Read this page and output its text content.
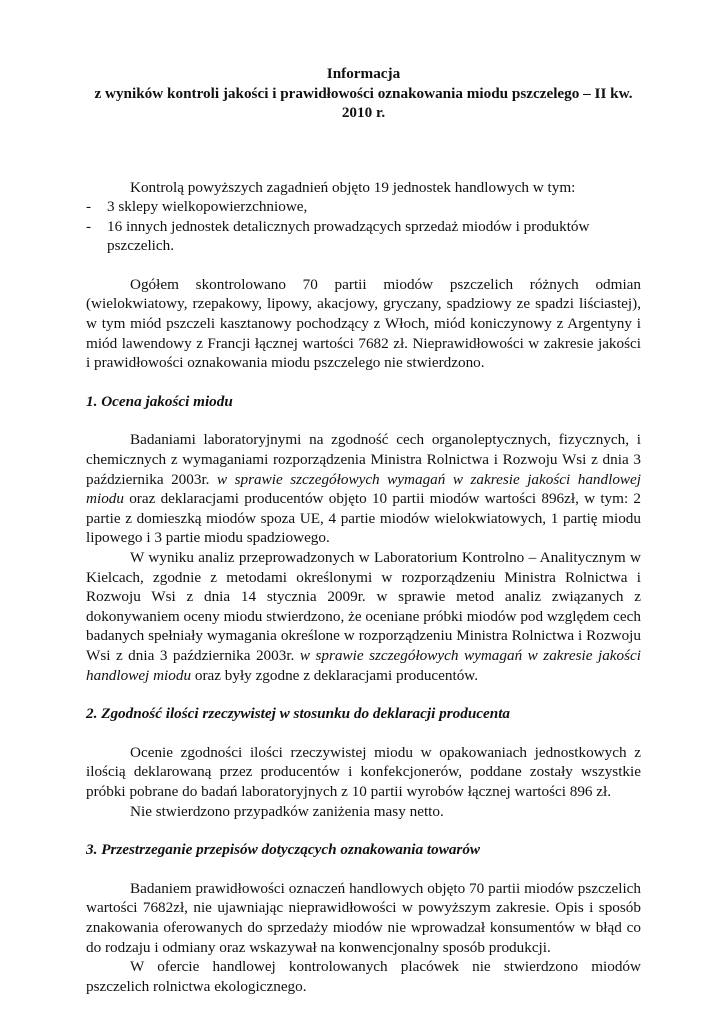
Informacja
z wyników kontroli jakości i prawidłowości oznakowania miodu pszczelego – II kw.
2010 r.

Kontrolą powyższych zagadnień objęto 19 jednostek handlowych w tym:

- 3 sklepy wielkopowierzchniowe,
- 16 innych jednostek detalicznych prowadzących sprzedaż miodów i produktów pszczelich.

Ogółem skontrolowano 70 partii miodów pszczelich różnych odmian (wielokwiatowy, rzepakowy, lipowy, akacjowy, gryczany, spadziowy ze spadzi liściastej), w tym miód pszczeli kasztanowy pochodzący z Włoch, miód koniczynowy z Argentyny i miód lawendowy z Francji łącznej wartości 7682 zł. Nieprawidłowości w zakresie jakości i prawidłowości oznakowania miodu pszczelego nie stwierdzono.

1. Ocena jakości miodu

Badaniami laboratoryjnymi na zgodność cech organoleptycznych, fizycznych, i chemicznych z wymaganiami rozporządzenia Ministra Rolnictwa i Rozwoju Wsi z dnia 3 października 2003r. w sprawie szczegółowych wymagań w zakresie jakości handlowej miodu oraz deklaracjami producentów objęto 10 partii miodów wartości 896zł, w tym: 2 partie z domieszką miodów spoza UE, 4 partie miodów wielokwiatowych, 1 partię miodu lipowego i 3 partie miodu spadziowego.

W wyniku analiz przeprowadzonych w Laboratorium Kontrolno – Analitycznym w Kielcach, zgodnie z metodami określonymi w rozporządzeniu Ministra Rolnictwa i Rozwoju Wsi z dnia 14 stycznia 2009r. w sprawie metod analiz związanych z dokonywaniem oceny miodu stwierdzono, że oceniane próbki miodów pod względem cech badanych spełniały wymagania określone w rozporządzeniu Ministra Rolnictwa i Rozwoju Wsi z dnia 3 października 2003r. w sprawie szczegółowych wymagań w zakresie jakości handlowej miodu oraz były zgodne z deklaracjami producentów.

2. Zgodność ilości rzeczywistej w stosunku do deklaracji producenta

Ocenie zgodności ilości rzeczywistej miodu w opakowaniach jednostkowych z ilością deklarowaną przez producentów i konfekcjonerów, poddane zostały wszystkie próbki pobrane do badań laboratoryjnych z 10 partii wyrobów łącznej wartości 896 zł.

Nie stwierdzono przypadków zaniżenia masy netto.

3. Przestrzeganie przepisów dotyczących oznakowania towarów

Badaniem prawidłowości oznaczeń handlowych objęto 70 partii miodów pszczelich wartości 7682zł, nie ujawniając nieprawidłowości w powyższym zakresie. Opis i sposób znakowania oferowanych do sprzedaży miodów nie wprowadzał konsumentów w błąd co do rodzaju i odmiany oraz wskazywał na konwencjonalny sposób produkcji.

W ofercie handlowej kontrolowanych placówek nie stwierdzono miodów pszczelich rolnictwa ekologicznego.
